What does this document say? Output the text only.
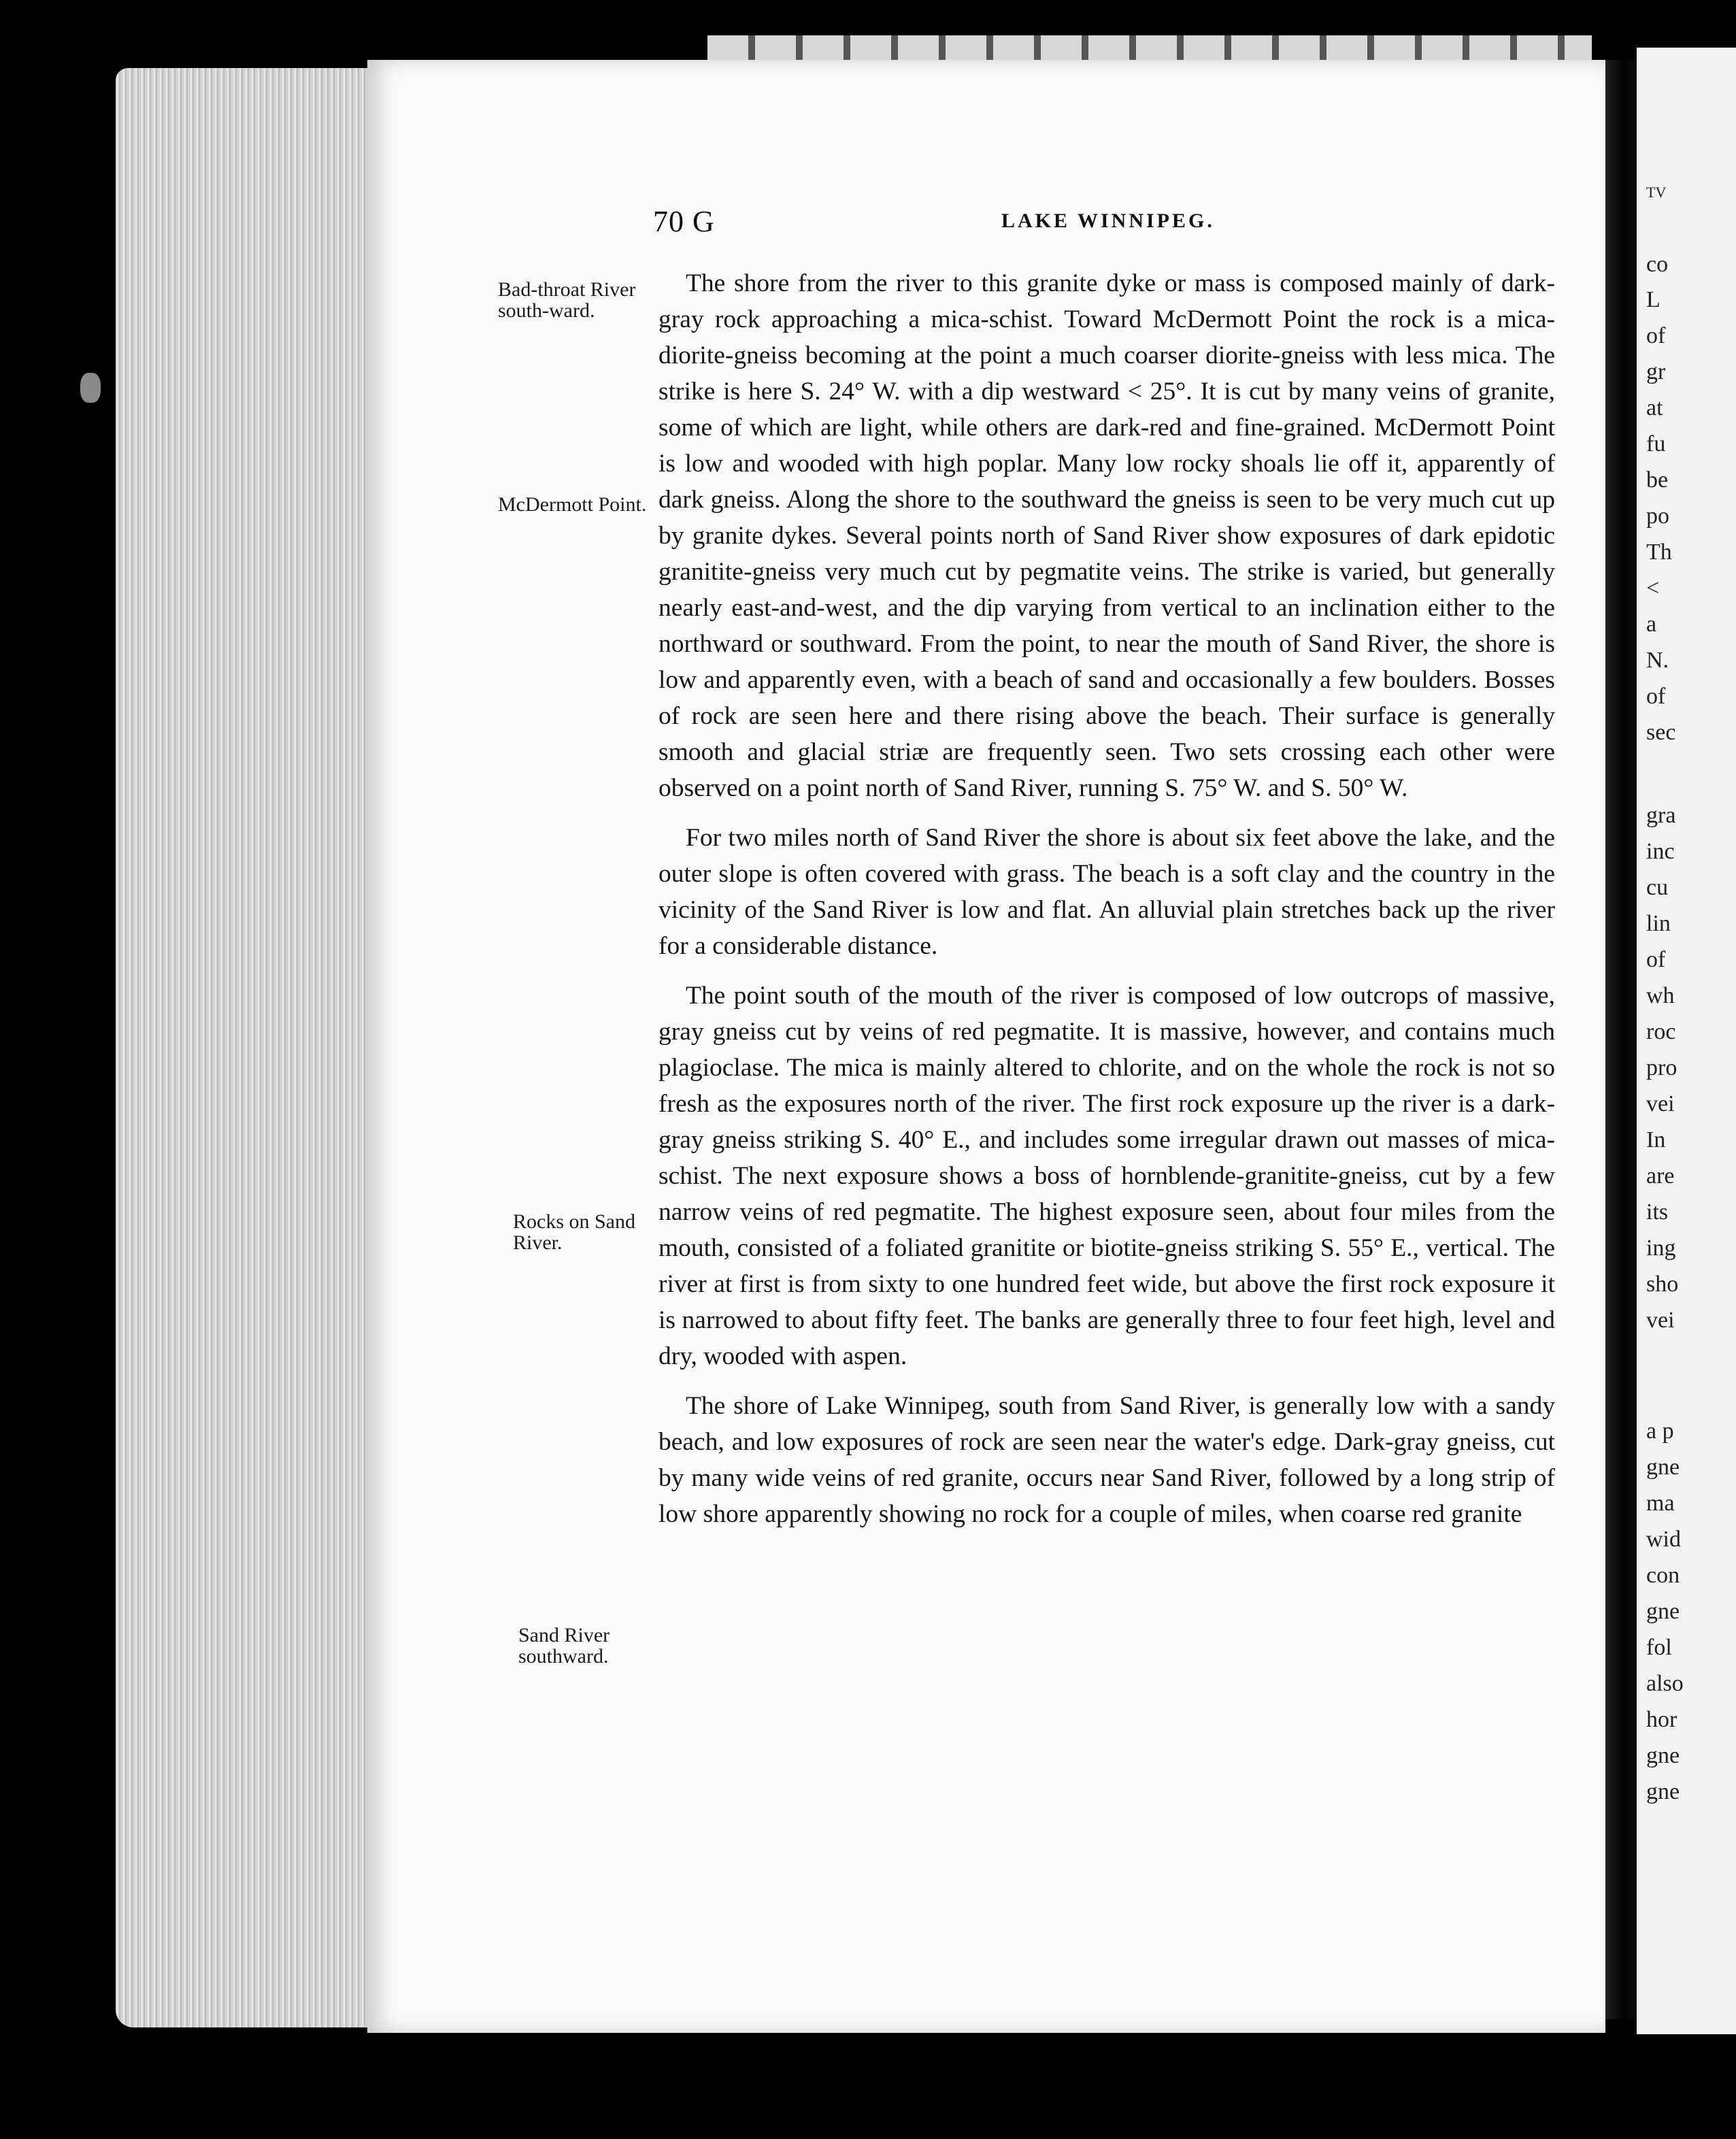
TV
co
L
of
gr
at
fu
be
po
Th
<
a
N.
of
sec
gra
inc
cu
lin
of
wh
roc
pro
vei
In
are
its
ing
sho
vei
a p
gne
ma
wid
con
gne
fol
also
hor
gne
gne
70 G	LAKE WINNIPEG.
Bad-throat River south-ward.
McDermott Point.
Rocks on Sand River.
Sand River southward.

The shore from the river to this granite dyke or mass is composed mainly of dark-gray rock approaching a mica-schist. Toward McDermott Point the rock is a mica-diorite-gneiss becoming at the point a much coarser diorite-gneiss with less mica. The strike is here S. 24° W. with a dip westward < 25°. It is cut by many veins of granite, some of which are light, while others are dark-red and fine-grained. McDermott Point is low and wooded with high poplar. Many low rocky shoals lie off it, apparently of dark gneiss. Along the shore to the southward the gneiss is seen to be very much cut up by granite dykes. Several points north of Sand River show exposures of dark epidotic granitite-gneiss very much cut by pegmatite veins. The strike is varied, but generally nearly east-and-west, and the dip varying from vertical to an inclination either to the northward or southward. From the point, to near the mouth of Sand River, the shore is low and apparently even, with a beach of sand and occasionally a few boulders. Bosses of rock are seen here and there rising above the beach. Their surface is generally smooth and glacial striæ are frequently seen. Two sets crossing each other were observed on a point north of Sand River, running S. 75° W. and S. 50° W.

For two miles north of Sand River the shore is about six feet above the lake, and the outer slope is often covered with grass. The beach is a soft clay and the country in the vicinity of the Sand River is low and flat. An alluvial plain stretches back up the river for a considerable distance.

The point south of the mouth of the river is composed of low outcrops of massive, gray gneiss cut by veins of red pegmatite. It is massive, however, and contains much plagioclase. The mica is mainly altered to chlorite, and on the whole the rock is not so fresh as the exposures north of the river. The first rock exposure up the river is a dark-gray gneiss striking S. 40° E., and includes some irregular drawn out masses of mica-schist. The next exposure shows a boss of hornblende-granitite-gneiss, cut by a few narrow veins of red pegmatite. The highest exposure seen, about four miles from the mouth, consisted of a foliated granitite or biotite-gneiss striking S. 55° E., vertical. The river at first is from sixty to one hundred feet wide, but above the first rock exposure it is narrowed to about fifty feet. The banks are generally three to four feet high, level and dry, wooded with aspen.

The shore of Lake Winnipeg, south from Sand River, is generally low with a sandy beach, and low exposures of rock are seen near the water's edge. Dark-gray gneiss, cut by many wide veins of red granite, occurs near Sand River, followed by a long strip of low shore apparently showing no rock for a couple of miles, when coarse red granite
